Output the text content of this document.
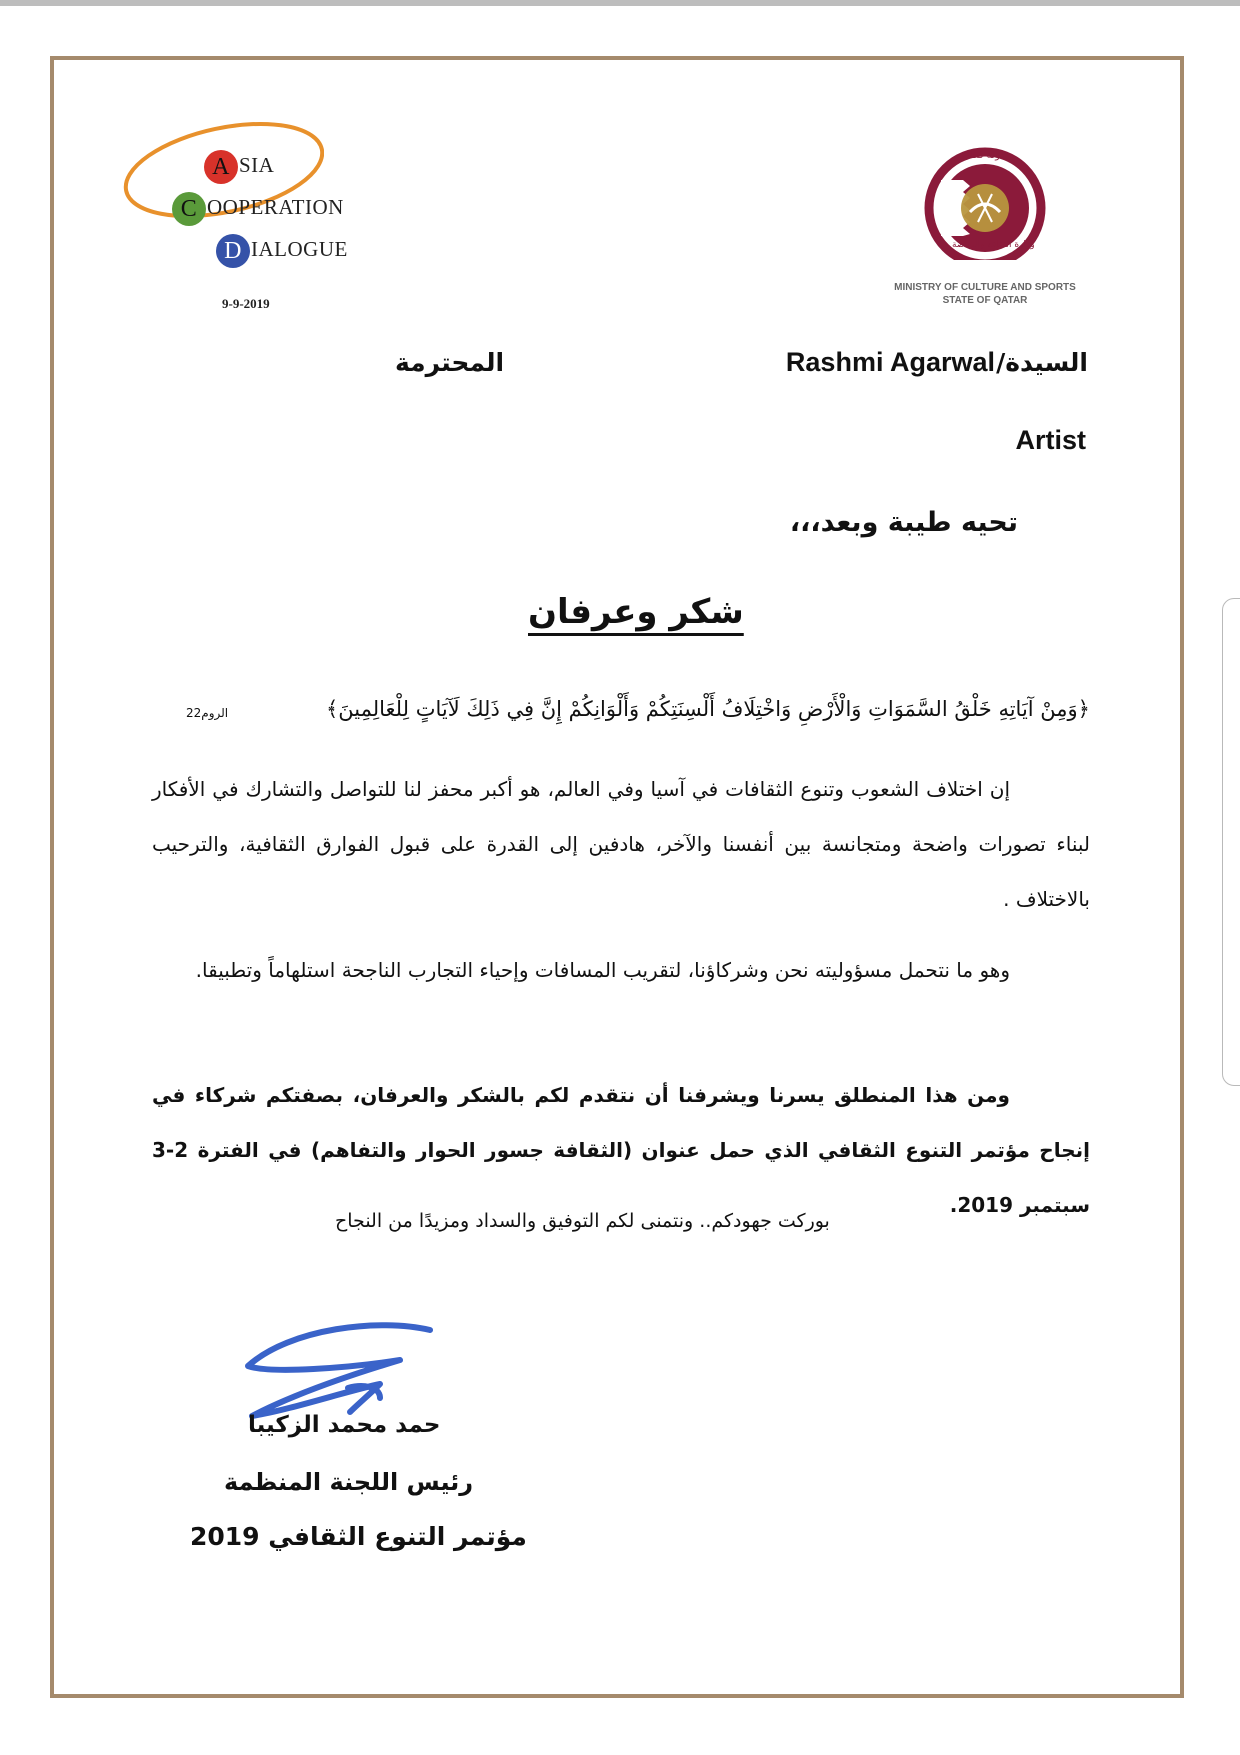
A SIA
C OOPERATION
D IALOGUE
9-9-2019
دولة قطر
وزارة الثقافة والرياضة
MINISTRY OF CULTURE AND SPORTS
STATE OF QATAR
السيدة/
Rashmi Agarwal
المحترمة
Artist
تحيه طيبة وبعد،،،
شكر وعرفان
﴿وَمِنْ آيَاتِهِ خَلْقُ السَّمَوَاتِ وَالْأَرْضِ وَاخْتِلَافُ أَلْسِنَتِكُمْ وَأَلْوَانِكُمْ إِنَّ فِي ذَلِكَ لَآيَاتٍ لِلْعَالِمِينَ﴾
الروم22
إن اختلاف الشعوب وتنوع الثقافات في آسيا وفي العالم، هو أكبر محفز لنا للتواصل والتشارك في الأفكار لبناء تصورات واضحة ومتجانسة بين أنفسنا والآخر، هادفين إلى القدرة على قبول الفوارق الثقافية، والترحيب بالاختلاف .
وهو ما نتحمل مسؤوليته نحن وشركاؤنا، لتقريب المسافات وإحياء التجارب الناجحة استلهاماً وتطبيقا.
ومن هذا المنطلق يسرنا ويشرفنا أن نتقدم لكم بالشكر والعرفان، بصفتكم شركاء في إنجاح مؤتمر التنوع الثقافي الذي حمل عنوان (الثقافة جسور الحوار والتفاهم) في الفترة 2-3 سبتمبر 2019.
بوركت جهودكم.. ونتمنى لكم التوفيق والسداد ومزيدًا من النجاح
حمد محمد الزكيبا
رئيس اللجنة المنظمة
مؤتمر التنوع الثقافي 2019
